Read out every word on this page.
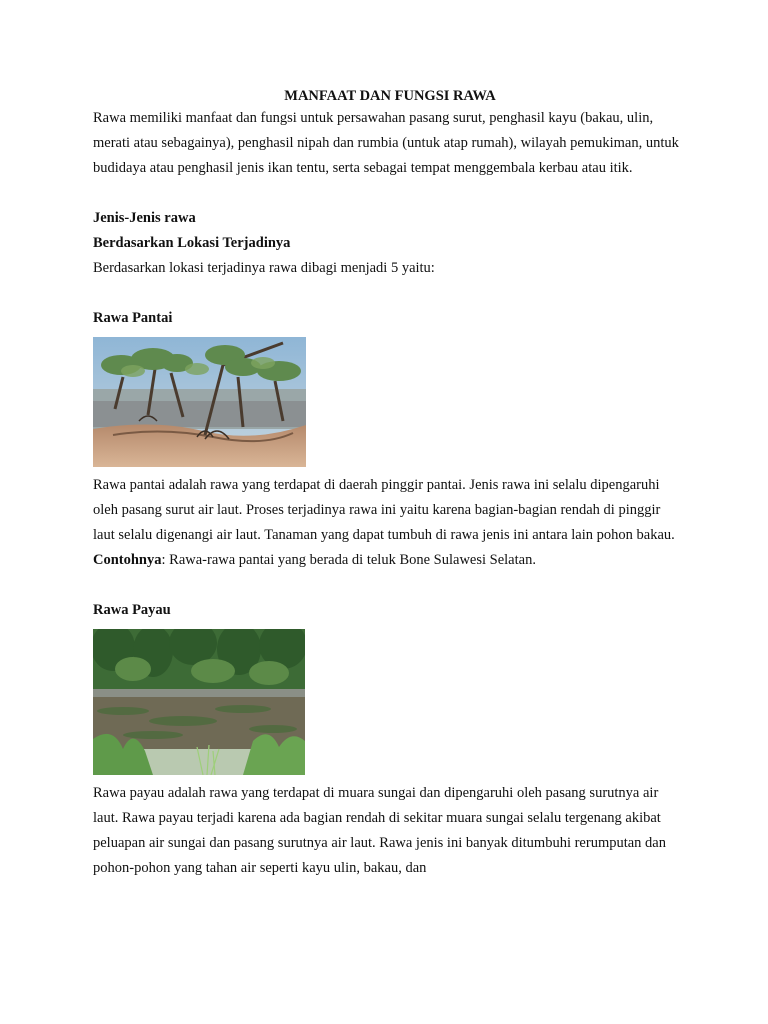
MANFAAT DAN FUNGSI RAWA

Rawa memiliki manfaat dan fungsi untuk persawahan pasang surut, penghasil kayu (bakau, ulin, merati atau sebagainya), penghasil nipah dan rumbia (untuk atap rumah), wilayah pemukiman, untuk budidaya atau penghasil jenis ikan tentu, serta sebagai tempat menggembala kerbau atau itik.

Jenis-Jenis rawa

Berdasarkan Lokasi Terjadinya

Berdasarkan lokasi terjadinya rawa dibagi menjadi 5 yaitu:

Rawa Pantai

Rawa pantai adalah rawa yang terdapat di daerah pinggir pantai. Jenis rawa ini selalu dipengaruhi oleh pasang surut air laut. Proses terjadinya rawa ini yaitu karena bagian-bagian rendah di pinggir laut selalu digenangi air laut. Tanaman yang dapat tumbuh di rawa jenis ini antara lain pohon bakau. Contohnya: Rawa-rawa pantai yang berada di teluk Bone Sulawesi Selatan.

Rawa Payau

Rawa payau adalah rawa yang terdapat di muara sungai dan dipengaruhi oleh pasang surutnya air laut. Rawa payau terjadi karena ada bagian rendah di sekitar muara sungai selalu tergenang akibat peluapan air sungai dan pasang surutnya air laut. Rawa jenis ini banyak ditumbuhi rerumputan dan pohon-pohon yang tahan air seperti kayu ulin, bakau, dan
